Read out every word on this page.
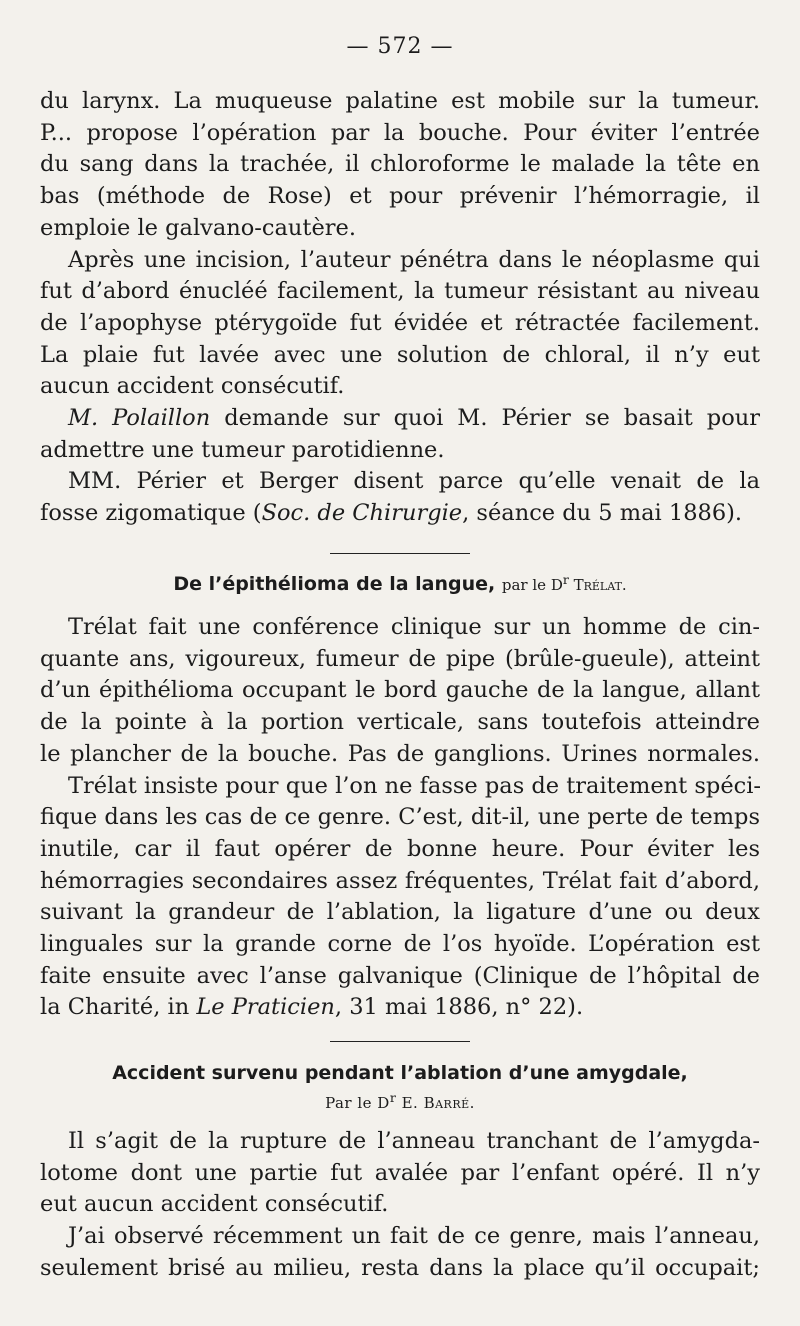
— 572 —
du larynx. La muqueuse palatine est mobile sur la tumeur.
P... propose l’opération par la bouche. Pour éviter l’entrée
du sang dans la trachée, il chloroforme le malade la tête en
bas (méthode de Rose) et pour prévenir l’hémorragie, il
emploie le galvano-cautère.
Après une incision, l’auteur pénétra dans le néoplasme qui
fut d’abord énucléé facilement, la tumeur résistant au niveau
de l’apophyse ptérygoïde fut évidée et rétractée facilement.
La plaie fut lavée avec une solution de chloral, il n’y eut
aucun accident consécutif.
M. Polaillon demande sur quoi M. Périer se basait pour
admettre une tumeur parotidienne.
MM. Périer et Berger disent parce qu’elle venait de la
fosse zigomatique (Soc. de Chirurgie, séance du 5 mai 1886).
De l’épithélioma de la langue, par le $D^r$ Trélat.
Trélat fait une conférence clinique sur un homme de cin-
quante ans, vigoureux, fumeur de pipe (brûle-gueule), atteint
d’un épithélioma occupant le bord gauche de la langue, allant
de la pointe à la portion verticale, sans toutefois atteindre
le plancher de la bouche. Pas de ganglions. Urines normales.
Trélat insiste pour que l’on ne fasse pas de traitement spéci-
fique dans les cas de ce genre. C’est, dit-il, une perte de temps
inutile, car il faut opérer de bonne heure. Pour éviter les
hémorragies secondaires assez fréquentes, Trélat fait d’abord,
suivant la grandeur de l’ablation, la ligature d’une ou deux
linguales sur la grande corne de l’os hyoïde. L’opération est
faite ensuite avec l’anse galvanique (Clinique de l’hôpital de
la Charité, in Le Praticien, 31 mai 1886, n° 22).
Accident survenu pendant l’ablation d’une amygdale,
Par le $D^r$ E. Barré.
Il s’agit de la rupture de l’anneau tranchant de l’amygda-
lotome dont une partie fut avalée par l’enfant opéré. Il n’y
eut aucun accident consécutif.
J’ai observé récemment un fait de ce genre, mais l’anneau,
seulement brisé au milieu, resta dans la place qu’il occupait;
